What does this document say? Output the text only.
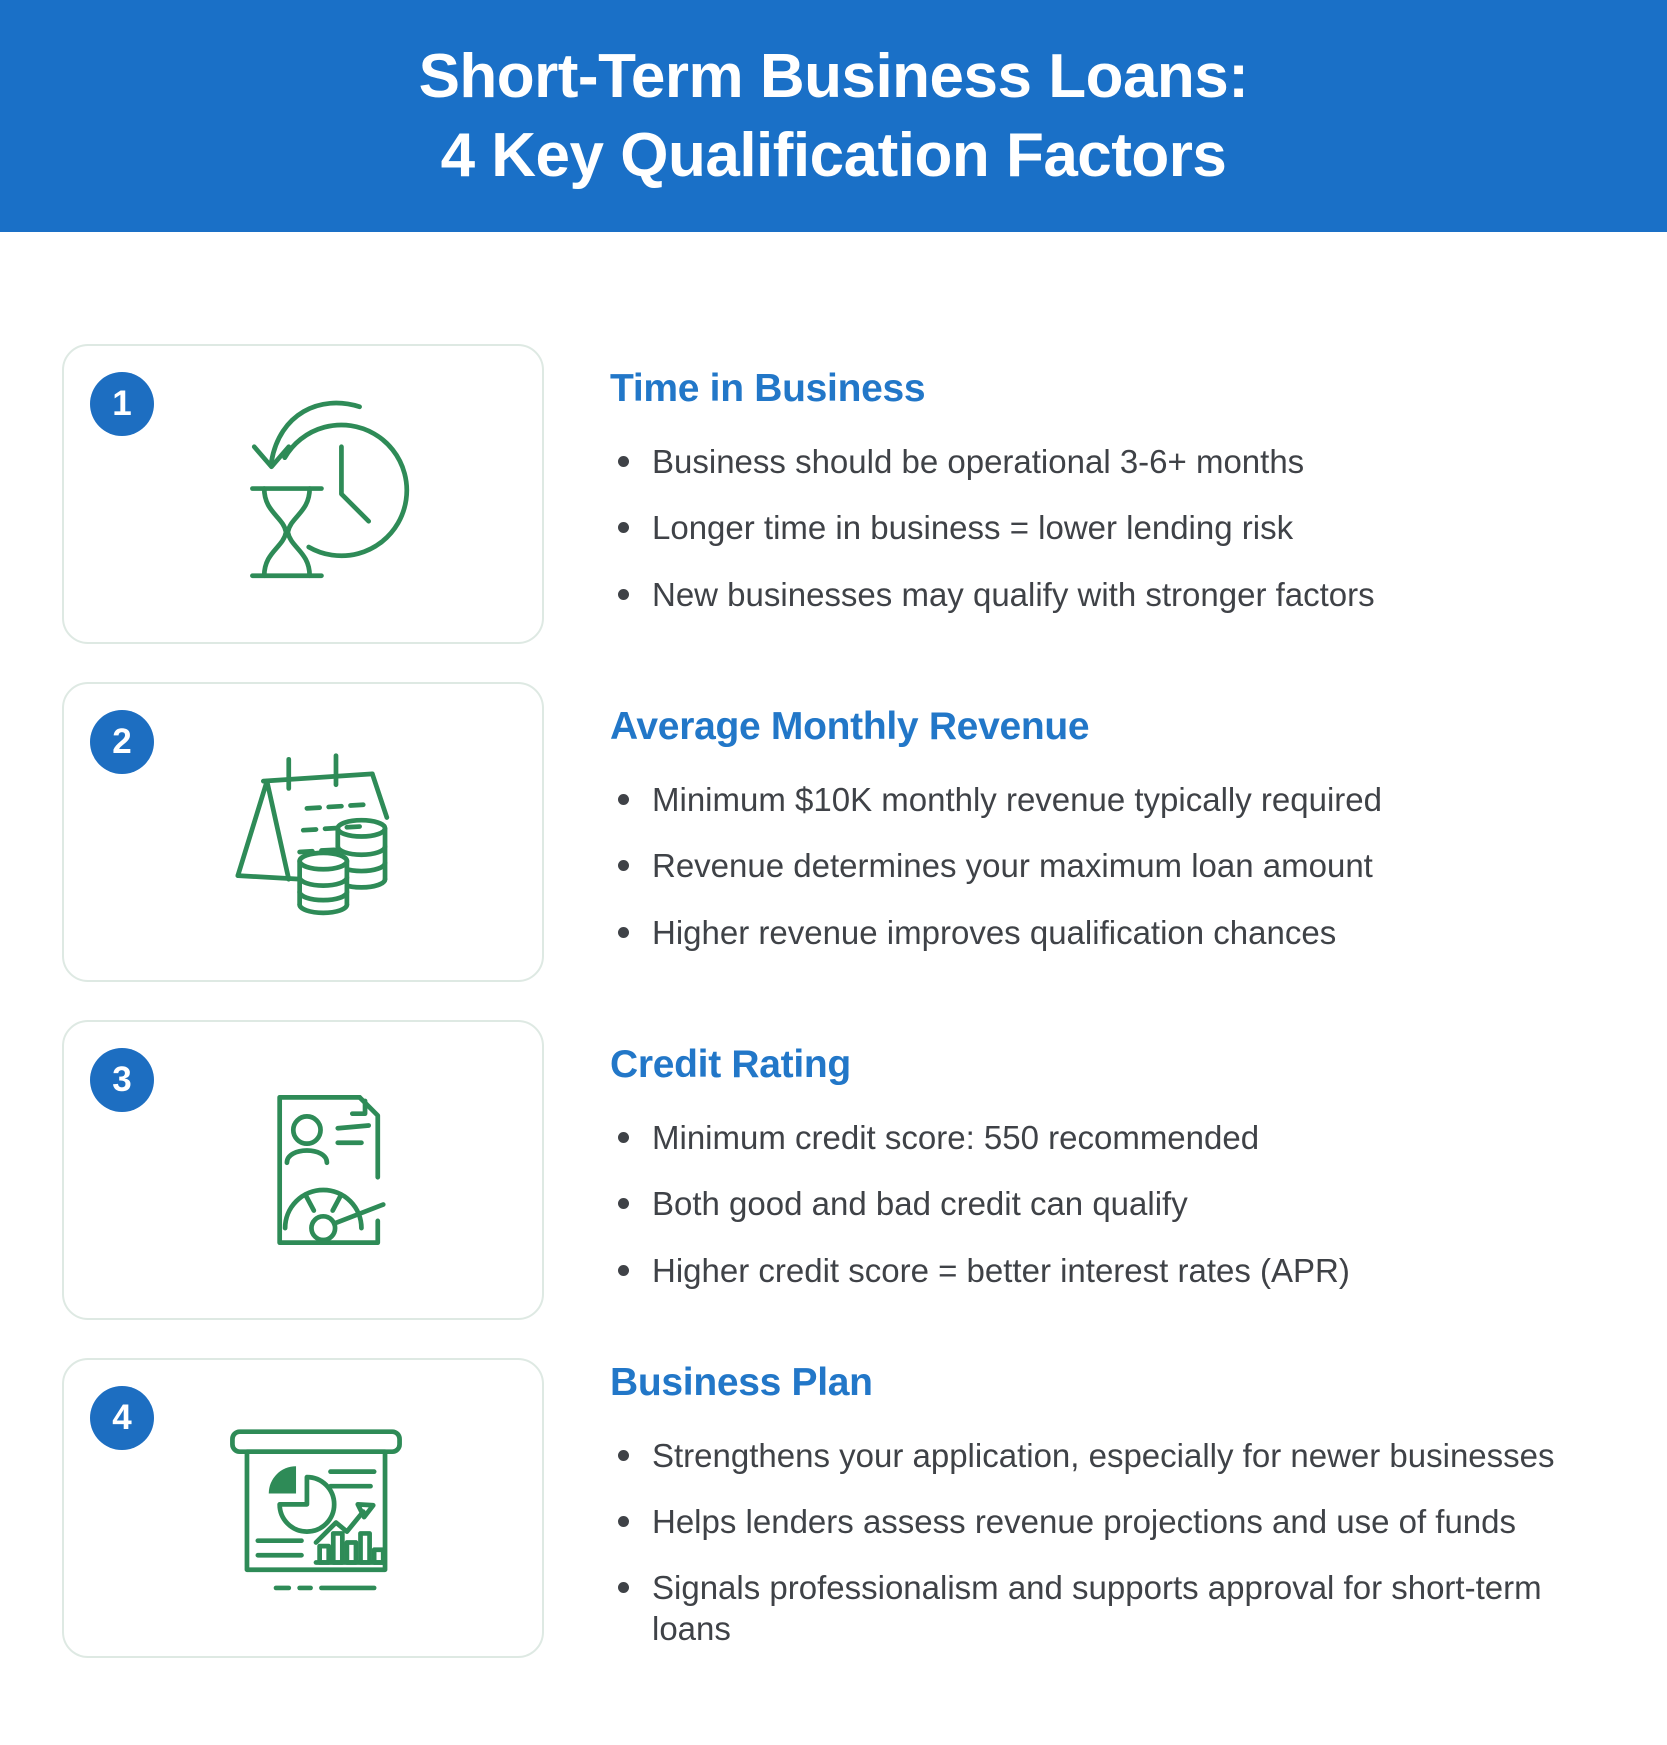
Short-Term Business Loans:
4 Key Qualification Factors
1	Time in Business
Business should be operational 3-6+ months
Longer time in business = lower lending risk
New businesses may qualify with stronger factors
2	Average Monthly Revenue
Minimum $10K monthly revenue typically required
Revenue determines your maximum loan amount
Higher revenue improves qualification chances
3	Credit Rating
Minimum credit score: 550 recommended
Both good and bad credit can qualify
Higher credit score = better interest rates (APR)
4
Business Plan
Strengthens your application, especially for newer businesses
Helps lenders assess revenue projections and use of funds
Signals professionalism and supports approval for short-term loans
